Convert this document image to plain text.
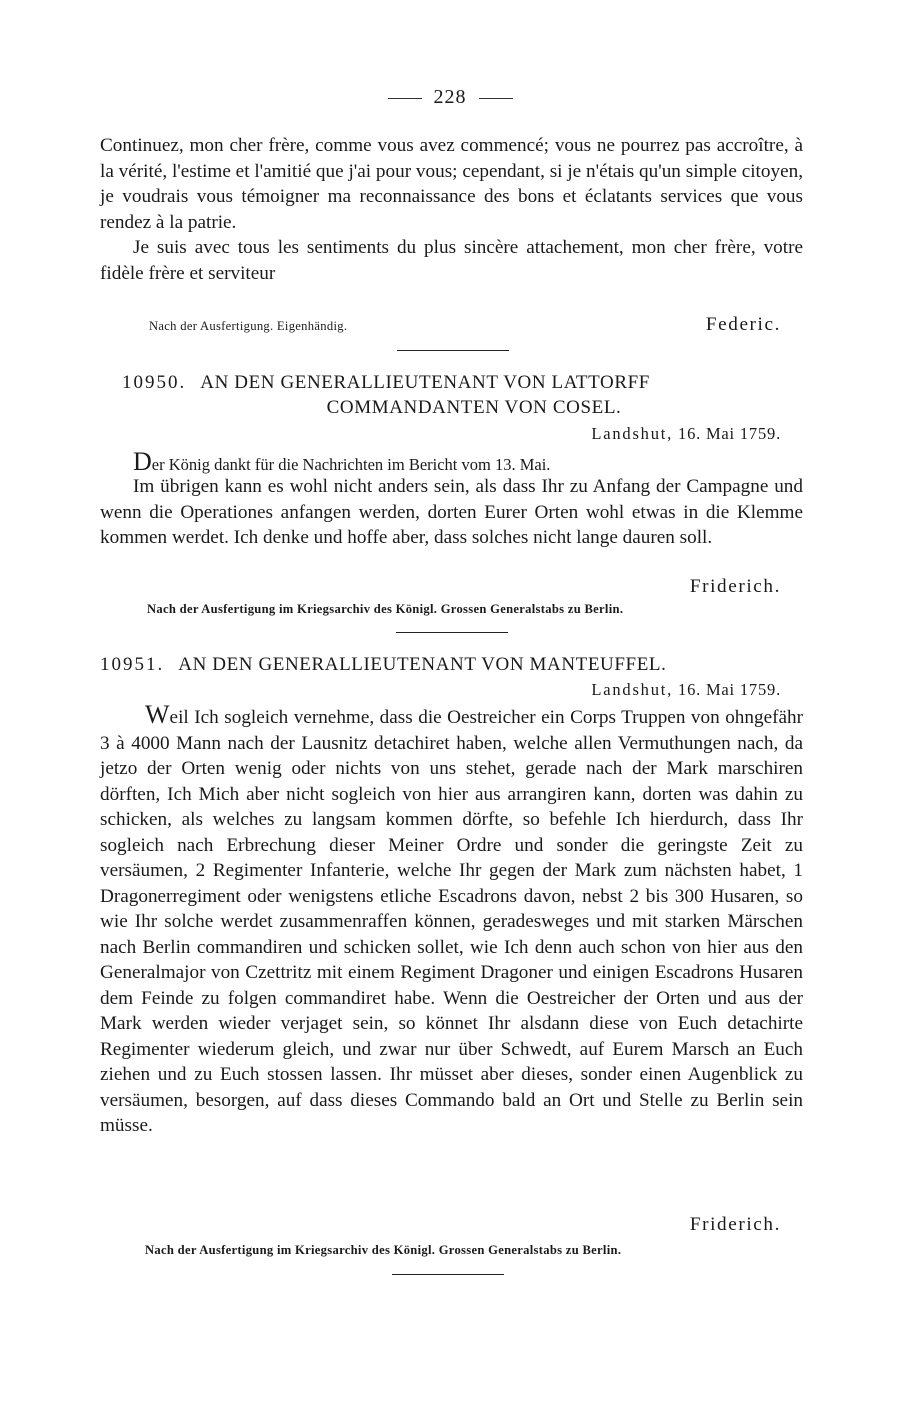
228

Continuez, mon cher frère, comme vous avez commencé; vous ne pourrez pas accroître, à la vérité, l'estime et l'amitié que j'ai pour vous; cependant, si je n'étais qu'un simple citoyen, je voudrais vous témoigner ma reconnaissance des bons et éclatants services que vous rendez à la patrie.

Je suis avec tous les sentiments du plus sincère attachement, mon cher frère, votre fidèle frère et serviteur

Nach der Ausfertigung. Eigenhändig.	Federic.

10950. AN DEN GENERALLIEUTENANT VON LATTORFF

COMMANDANTEN VON COSEL.

Landshut, 16. Mai 1759.

Der König dankt für die Nachrichten im Bericht vom 13. Mai.

Im übrigen kann es wohl nicht anders sein, als dass Ihr zu Anfang der Campagne und wenn die Operationes anfangen werden, dorten Eurer Orten wohl etwas in die Klemme kommen werdet. Ich denke und hoffe aber, dass solches nicht lange dauren soll.

Friderich.

Nach der Ausfertigung im Kriegsarchiv des Königl. Grossen Generalstabs zu Berlin.

10951. AN DEN GENERALLIEUTENANT VON MANTEUFFEL.

Landshut, 16. Mai 1759.

Weil Ich sogleich vernehme, dass die Oestreicher ein Corps Truppen von ohngefähr 3 à 4000 Mann nach der Lausnitz detachiret haben, welche allen Vermuthungen nach, da jetzo der Orten wenig oder nichts von uns stehet, gerade nach der Mark marschiren dörften, Ich Mich aber nicht sogleich von hier aus arrangiren kann, dorten was dahin zu schicken, als welches zu langsam kommen dörfte, so befehle Ich hierdurch, dass Ihr sogleich nach Erbrechung dieser Meiner Ordre und sonder die geringste Zeit zu versäumen, 2 Regimenter Infanterie, welche Ihr gegen der Mark zum nächsten habet, 1 Dragonerregiment oder wenigstens etliche Escadrons davon, nebst 2 bis 300 Husaren, so wie Ihr solche werdet zusammenraffen können, geradesweges und mit starken Märschen nach Berlin commandiren und schicken sollet, wie Ich denn auch schon von hier aus den Generalmajor von Czettritz mit einem Regiment Dragoner und einigen Escadrons Husaren dem Feinde zu folgen commandiret habe. Wenn die Oestreicher der Orten und aus der Mark werden wieder verjaget sein, so könnet Ihr alsdann diese von Euch detachirte Regimenter wiederum gleich, und zwar nur über Schwedt, auf Eurem Marsch an Euch ziehen und zu Euch stossen lassen. Ihr müsset aber dieses, sonder einen Augenblick zu versäumen, besorgen, auf dass dieses Commando bald an Ort und Stelle zu Berlin sein müsse.

Friderich.

Nach der Ausfertigung im Kriegsarchiv des Königl. Grossen Generalstabs zu Berlin.
